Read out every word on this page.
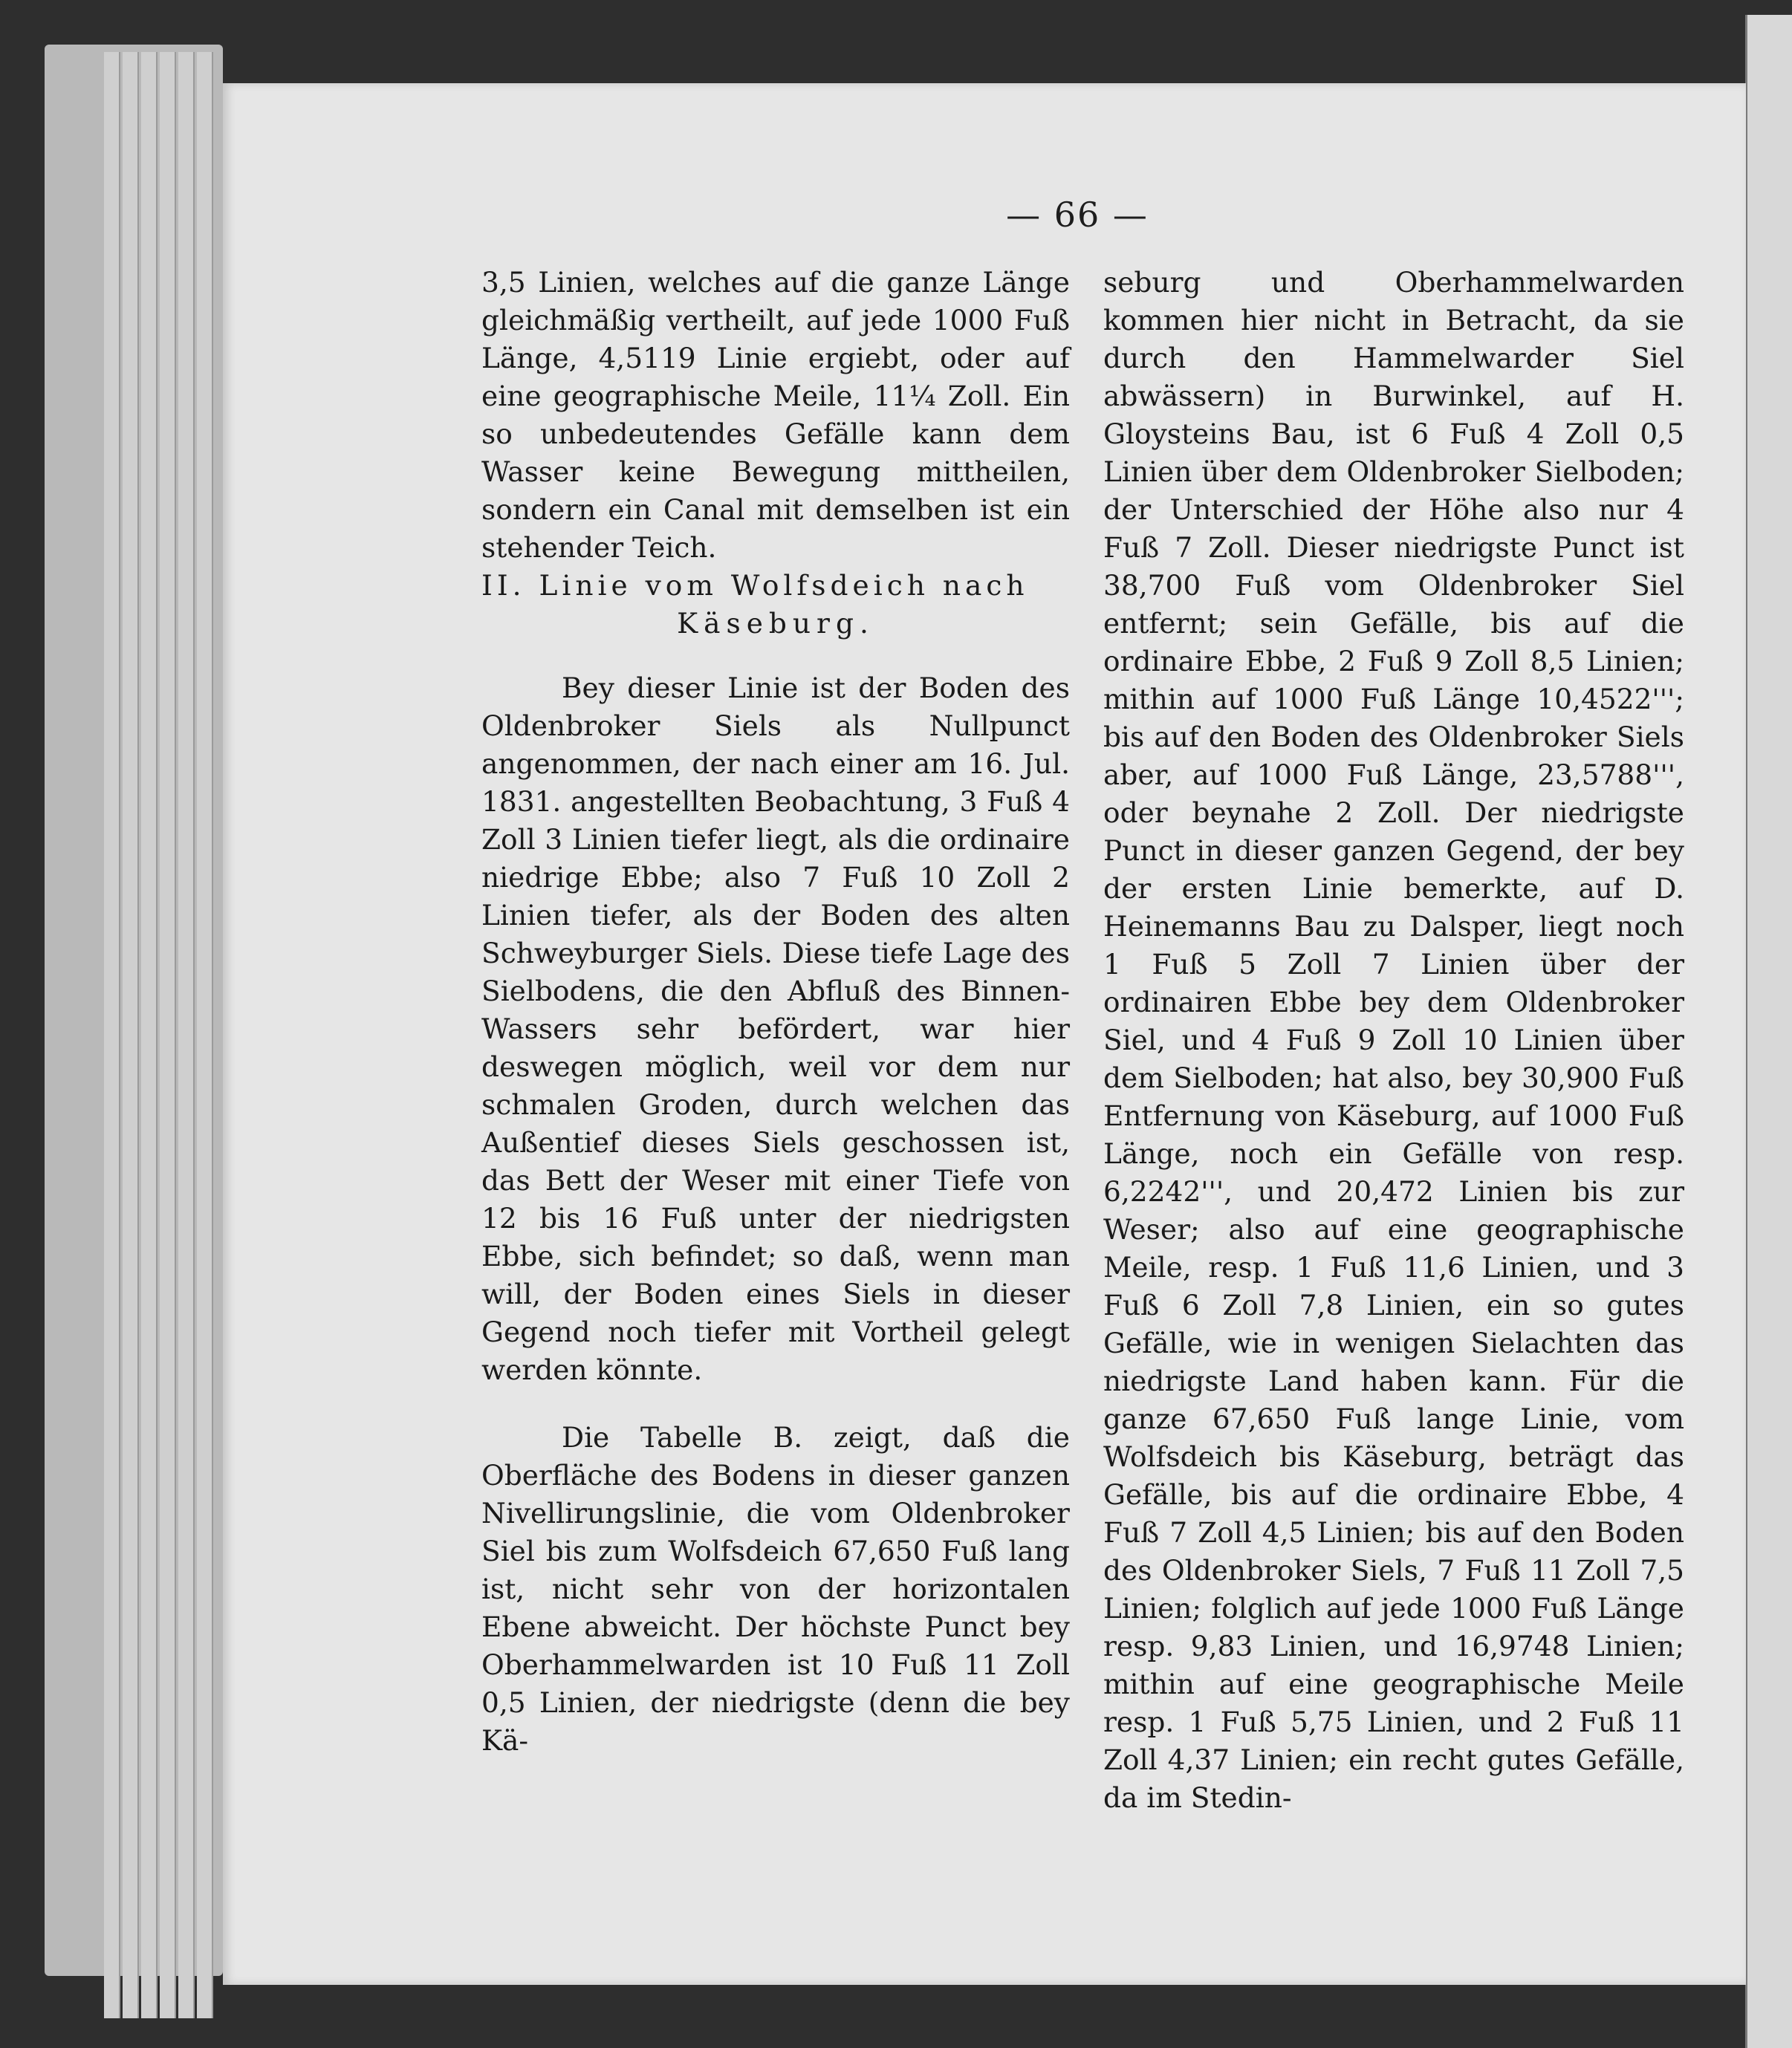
— 66 —

3,5 Linien, welches auf die ganze Länge gleichmäßig vertheilt, auf jede 1000 Fuß Länge, 4,5119 Linie ergiebt, oder auf eine geographische Meile, 11¼ Zoll. Ein so unbedeutendes Gefälle kann dem Wasser keine Bewegung mittheilen, sondern ein Canal mit demselben ist ein stehender Teich.

II. Linie vom Wolfsdeich nach

Käseburg.

Bey dieser Linie ist der Boden des Oldenbroker Siels als Nullpunct angenommen, der nach einer am 16. Jul. 1831. angestellten Beobachtung, 3 Fuß 4 Zoll 3 Linien tiefer liegt, als die ordinaire niedrige Ebbe; also 7 Fuß 10 Zoll 2 Linien tiefer, als der Boden des alten Schweyburger Siels. Diese tiefe Lage des Sielbodens, die den Abfluß des Binnen-Wassers sehr befördert, war hier deswegen möglich, weil vor dem nur schmalen Groden, durch welchen das Außentief dieses Siels geschossen ist, das Bett der Weser mit einer Tiefe von 12 bis 16 Fuß unter der niedrigsten Ebbe, sich befindet; so daß, wenn man will, der Boden eines Siels in dieser Gegend noch tiefer mit Vortheil gelegt werden könnte.

Die Tabelle B. zeigt, daß die Oberfläche des Bodens in dieser ganzen Nivellirungslinie, die vom Oldenbroker Siel bis zum Wolfsdeich 67,650 Fuß lang ist, nicht sehr von der horizontalen Ebene abweicht. Der höchste Punct bey Oberhammelwarden ist 10 Fuß 11 Zoll 0,5 Linien, der niedrigste (denn die bey Kä-

seburg und Oberhammelwarden kommen hier nicht in Betracht, da sie durch den Hammelwarder Siel abwässern) in Burwinkel, auf H. Gloysteins Bau, ist 6 Fuß 4 Zoll 0,5 Linien über dem Oldenbroker Sielboden; der Unterschied der Höhe also nur 4 Fuß 7 Zoll. Dieser niedrigste Punct ist 38,700 Fuß vom Oldenbroker Siel entfernt; sein Gefälle, bis auf die ordinaire Ebbe, 2 Fuß 9 Zoll 8,5 Linien; mithin auf 1000 Fuß Länge 10,4522'''; bis auf den Boden des Oldenbroker Siels aber, auf 1000 Fuß Länge, 23,5788''', oder beynahe 2 Zoll. Der niedrigste Punct in dieser ganzen Gegend, der bey der ersten Linie bemerkte, auf D. Heinemanns Bau zu Dalsper, liegt noch 1 Fuß 5 Zoll 7 Linien über der ordinairen Ebbe bey dem Oldenbroker Siel, und 4 Fuß 9 Zoll 10 Linien über dem Sielboden; hat also, bey 30,900 Fuß Entfernung von Käseburg, auf 1000 Fuß Länge, noch ein Gefälle von resp. 6,2242''', und 20,472 Linien bis zur Weser; also auf eine geographische Meile, resp. 1 Fuß 11,6 Linien, und 3 Fuß 6 Zoll 7,8 Linien, ein so gutes Gefälle, wie in wenigen Sielachten das niedrigste Land haben kann. Für die ganze 67,650 Fuß lange Linie, vom Wolfsdeich bis Käseburg, beträgt das Gefälle, bis auf die ordinaire Ebbe, 4 Fuß 7 Zoll 4,5 Linien; bis auf den Boden des Oldenbroker Siels, 7 Fuß 11 Zoll 7,5 Linien; folglich auf jede 1000 Fuß Länge resp. 9,83 Linien, und 16,9748 Linien; mithin auf eine geographische Meile resp. 1 Fuß 5,75 Linien, und 2 Fuß 11 Zoll 4,37 Linien; ein recht gutes Gefälle, da im Stedin-
